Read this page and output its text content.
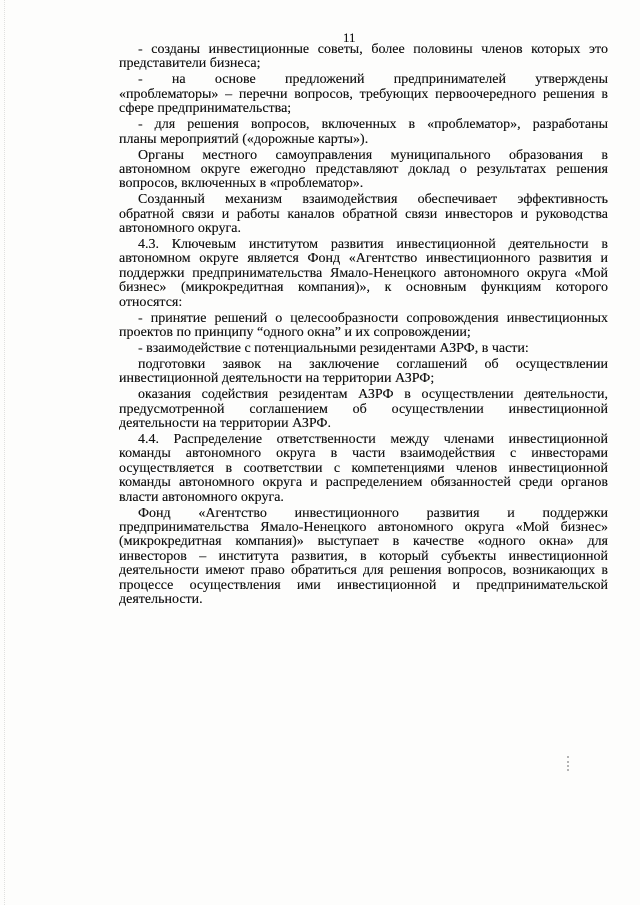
11
- созданы инвестиционные советы, более половины членов которых это
представители бизнеса;
- на основе предложений предпринимателей утверждены
«проблематоры» – перечни вопросов, требующих первоочередного решения в
сфере предпринимательства;
- для решения вопросов, включенных в «проблематор», разработаны
планы мероприятий («дорожные карты»).
Органы местного самоуправления муниципального образования в
автономном округе ежегодно представляют доклад о результатах решения
вопросов, включенных в «проблематор».
Созданный механизм взаимодействия обеспечивает эффективность
обратной связи и работы каналов обратной связи инвесторов и руководства
автономного округа.
4.3. Ключевым институтом развития инвестиционной деятельности в
автономном округе является Фонд «Агентство инвестиционного развития и
поддержки предпринимательства Ямало-Ненецкого автономного округа «Мой
бизнес» (микрокредитная компания)», к основным функциям которого
относятся:
- принятие решений о целесообразности сопровождения инвестиционных
проектов по принципу “одного окна” и их сопровождении;
- взаимодействие с потенциальными резидентами АЗРФ, в части:
подготовки заявок на заключение соглашений об осуществлении
инвестиционной деятельности на территории АЗРФ;
оказания содействия резидентам АЗРФ в осуществлении деятельности,
предусмотренной соглашением об осуществлении инвестиционной
деятельности на территории АЗРФ.
4.4. Распределение ответственности между членами инвестиционной
команды автономного округа в части взаимодействия с инвесторами
осуществляется в соответствии с компетенциями членов инвестиционной
команды автономного округа и распределением обязанностей среди органов
власти автономного округа.
Фонд «Агентство инвестиционного развития и поддержки
предпринимательства Ямало-Ненецкого автономного округа «Мой бизнес»
(микрокредитная компания)» выступает в качестве «одного окна» для
инвесторов – института развития, в который субъекты инвестиционной
деятельности имеют право обратиться для решения вопросов, возникающих в
процессе осуществления ими инвестиционной и предпринимательской
деятельности.
